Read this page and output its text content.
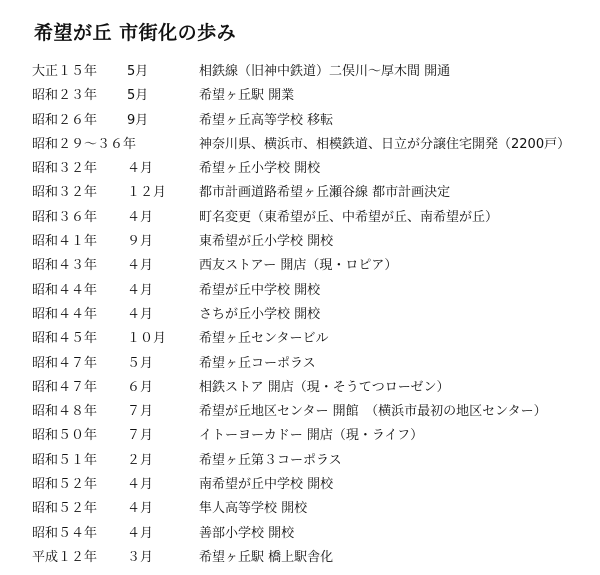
希望が丘 市街化の歩み
大正１５年 5月	相鉄線（旧神中鉄道）二俣川〜厚木間 開通
昭和２３年 5月	希望ヶ丘駅 開業
昭和２６年 9月	希望ヶ丘高等学校 移転
昭和２９〜３６年	神奈川県、横浜市、相模鉄道、日立が分譲住宅開発（2200戸）
昭和３２年 ４月	希望ヶ丘小学校 開校
昭和３２年 １２月	都市計画道路希望ヶ丘瀬谷線 都市計画決定
昭和３６年 ４月	町名変更（東希望が丘、中希望が丘、南希望が丘）
昭和４１年 ９月	東希望が丘小学校 開校
昭和４３年 ４月	西友ストアー 開店（現・ロピア）
昭和４４年 ４月	希望が丘中学校 開校
昭和４４年 ４月	さちが丘小学校 開校
昭和４５年 １０月	希望ヶ丘センタービル
昭和４７年 ５月	希望ヶ丘コーポラス
昭和４７年 ６月	相鉄ストア 開店（現・そうてつローゼン）
昭和４８年 ７月	希望が丘地区センター 開館　（横浜市最初の地区センター）
昭和５０年 ７月	イトーヨーカドー 開店（現・ライフ）
昭和５１年 ２月	希望ヶ丘第３コーポラス
昭和５２年 ４月	南希望が丘中学校 開校
昭和５２年 ４月	隼人高等学校 開校
昭和５４年 ４月	善部小学校 開校
平成１２年 ３月	希望ヶ丘駅 橋上駅舎化
